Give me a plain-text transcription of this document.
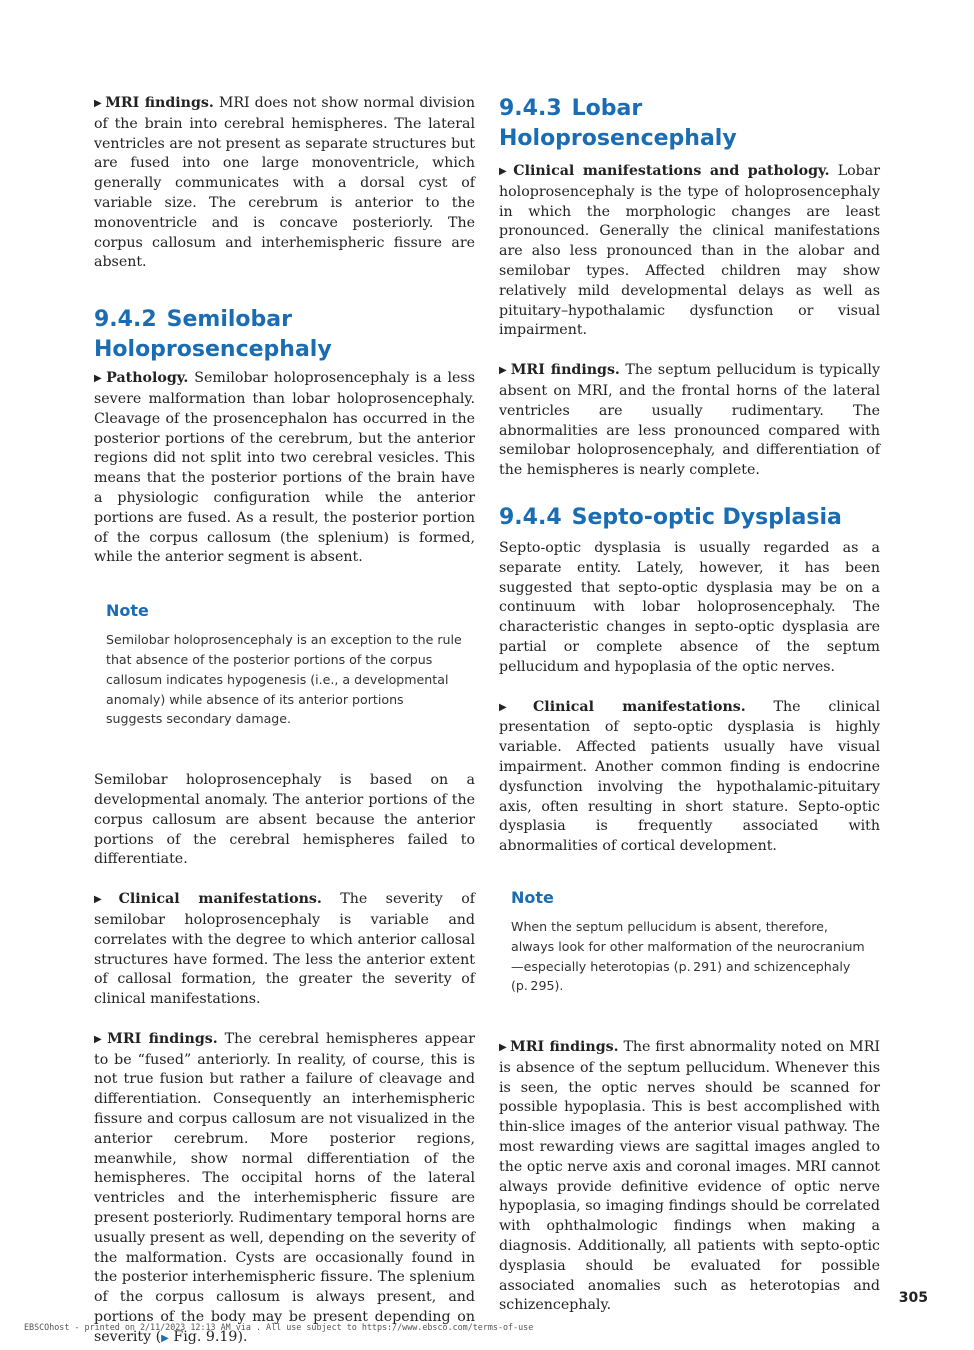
▶ MRI findings. MRI does not show normal division of the brain into cerebral hemispheres. The lateral ventricles are not present as separate structures but are fused into one large monoventricle, which generally communicates with a dorsal cyst of variable size. The cerebrum is anterior to the monoventricle and is concave posteriorly. The corpus callosum and interhemispheric fissure are absent.

9.4.2 Semilobar Holoprosencephaly

▶ Pathology. Semilobar holoprosencephaly is a less severe malformation than lobar holoprosencephaly. Cleavage of the prosencephalon has occurred in the posterior portions of the cerebrum, but the anterior regions did not split into two cerebral vesicles. This means that the posterior portions of the brain have a physiologic configuration while the anterior portions are fused. As a result, the posterior portion of the corpus callosum (the splenium) is formed, while the anterior segment is absent.

Note
Semilobar holoprosencephaly is an exception to the rule that absence of the posterior portions of the corpus callosum indicates hypogenesis (i.e., a developmental anomaly) while absence of its anterior portions suggests secondary damage.

Semilobar holoprosencephaly is based on a developmental anomaly. The anterior portions of the corpus callosum are absent because the anterior portions of the cerebral hemispheres failed to differentiate.

▶ Clinical manifestations. The severity of semilobar holoprosencephaly is variable and correlates with the degree to which anterior callosal structures have formed. The less the anterior extent of callosal formation, the greater the severity of clinical manifestations.

▶ MRI findings. The cerebral hemispheres appear to be “fused” anteriorly. In reality, of course, this is not true fusion but rather a failure of cleavage and differentiation. Consequently an interhemispheric fissure and corpus callosum are not visualized in the anterior cerebrum. More posterior regions, meanwhile, show normal differentiation of the hemispheres. The occipital horns of the lateral ventricles and the interhemispheric fissure are present posteriorly. Rudimentary temporal horns are usually present as well, depending on the severity of the malformation. Cysts are occasionally found in the posterior interhemispheric fissure. The splenium of the corpus callosum is always present, and portions of the body may be present depending on severity (▶ Fig. 9.19).

9.4.3 Lobar Holoprosencephaly

▶ Clinical manifestations and pathology. Lobar holoprosencephaly is the type of holoprosencephaly in which the morphologic changes are least pronounced. Generally the clinical manifestations are also less pronounced than in the alobar and semilobar types. Affected children may show relatively mild developmental delays as well as pituitary–hypothalamic dysfunction or visual impairment.

▶ MRI findings. The septum pellucidum is typically absent on MRI, and the frontal horns of the lateral ventricles are usually rudimentary. The abnormalities are less pronounced compared with semilobar holoprosencephaly, and differentiation of the hemispheres is nearly complete.

9.4.4 Septo-optic Dysplasia

Septo-optic dysplasia is usually regarded as a separate entity. Lately, however, it has been suggested that septo-optic dysplasia may be on a continuum with lobar holoprosencephaly. The characteristic changes in septo-optic dysplasia are partial or complete absence of the septum pellucidum and hypoplasia of the optic nerves.

▶ Clinical manifestations. The clinical presentation of septo-optic dysplasia is highly variable. Affected patients usually have visual impairment. Another common finding is endocrine dysfunction involving the hypothalamic-pituitary axis, often resulting in short stature. Septo-optic dysplasia is frequently associated with abnormalities of cortical development.

Note
When the septum pellucidum is absent, therefore, always look for other malformation of the neurocranium—especially heterotopias (p. 291) and schizencephaly (p. 295).

▶ MRI findings. The first abnormality noted on MRI is absence of the septum pellucidum. Whenever this is seen, the optic nerves should be scanned for possible hypoplasia. This is best accomplished with thin-slice images of the anterior visual pathway. The most rewarding views are sagittal images angled to the optic nerve axis and coronal images. MRI cannot always provide definitive evidence of optic nerve hypoplasia, so imaging findings should be correlated with ophthalmologic findings when making a diagnosis. Additionally, all patients with septo-optic dysplasia should be evaluated for possible associated anomalies such as heterotopias and schizencephaly.	305
EBSCOhost - printed on 2/11/2023 12:13 AM via . All use subject to https://www.ebsco.com/terms-of-use
